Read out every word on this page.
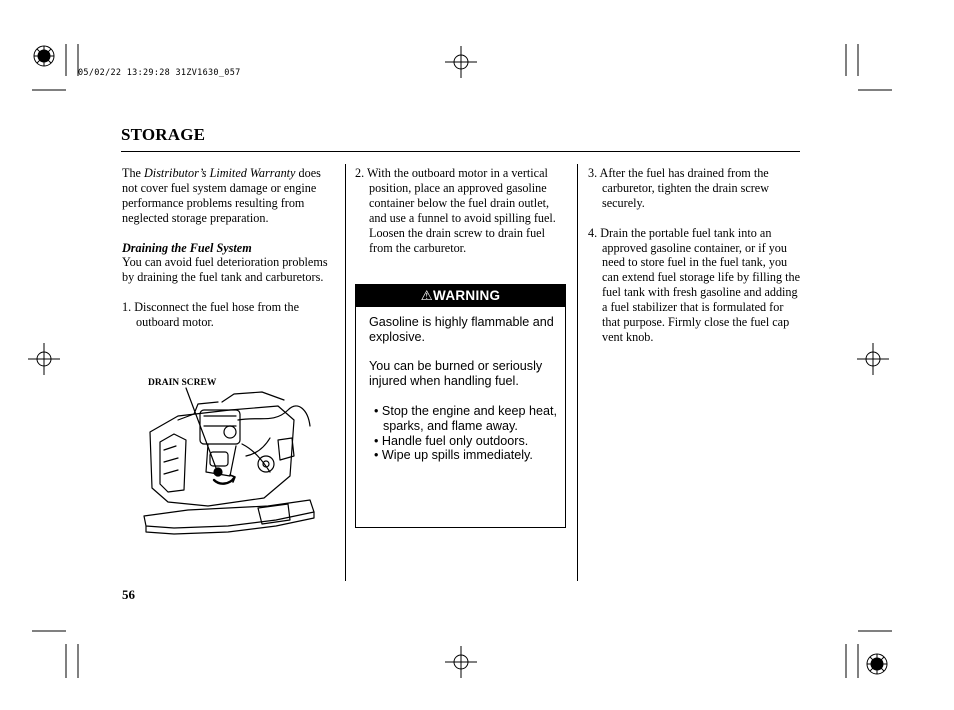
05/02/22 13:29:28 31ZV1630_057
STORAGE

The Distributor’s Limited Warranty does not cover fuel system damage or engine performance problems resulting from neglected storage preparation.

Draining the Fuel System

You can avoid fuel deterioration problems by draining the fuel tank and carburetors.

1. Disconnect the fuel hose from the outboard motor.

DRAIN SCREW

2. With the outboard motor in a vertical position, place an approved gasoline container below the fuel drain outlet, and use a funnel to avoid spilling fuel. Loosen the drain screw to drain fuel from the carburetor.

⚠WARNING

Gasoline is highly flammable and explosive.

You can be burned or seriously injured when handling fuel.

• Stop the engine and keep heat, sparks, and flame away.

• Handle fuel only outdoors.

• Wipe up spills immediately.

3. After the fuel has drained from the carburetor, tighten the drain screw securely.

4. Drain the portable fuel tank into an approved gasoline container, or if you need to store fuel in the fuel tank, you can extend fuel storage life by filling the fuel tank with fresh gasoline and adding a fuel stabilizer that is formulated for that purpose. Firmly close the fuel cap vent knob.

56
